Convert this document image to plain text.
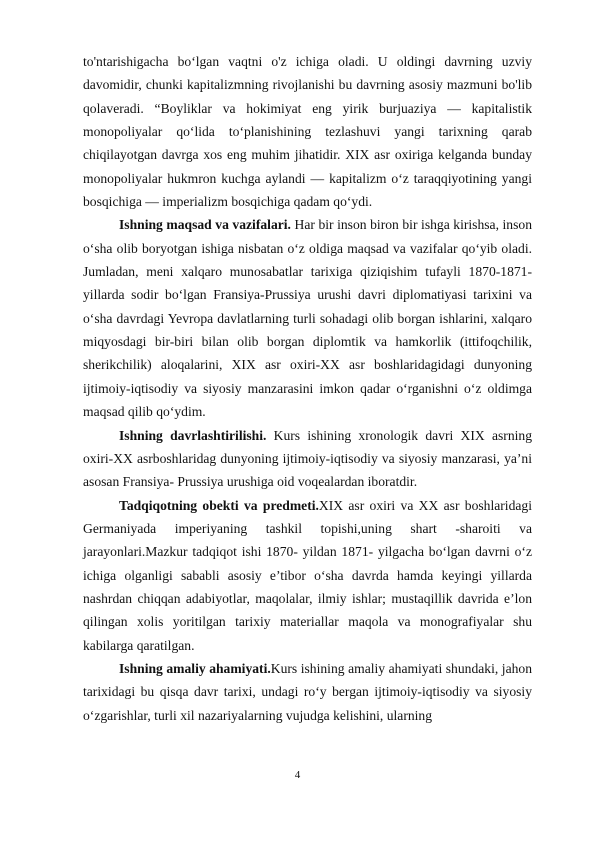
to'ntarishigacha bo‘lgan vaqtni o'z ichiga oladi. U oldingi davrning uzviy davomidir, chunki kapitalizmning rivojlanishi bu davrning asosiy mazmuni bo'lib qolaveradi. “Boyliklar va hokimiyat eng yirik burjuaziya — kapitalistik monopoliyalar qo‘lida to‘planishining tezlashuvi yangi tarixning qarab chiqilayotgan davrga xos eng muhim jihatidir. XIX asr oxiriga kelganda bunday monopoliyalar hukmron kuchga aylandi — kapitalizm o‘z taraqqiyotining yangi bosqichiga — imperializm bosqichiga qadam qo‘ydi.

Ishning maqsad va vazifalari. Har bir inson biron bir ishga kirishsa, inson o‘sha olib boryotgan ishiga nisbatan o‘z oldiga maqsad va vazifalar qo‘yib oladi. Jumladan, meni xalqaro munosabatlar tarixiga qiziqishim tufayli 1870-1871- yillarda sodir bo‘lgan Fransiya-Prussiya urushi davri diplomatiyasi tarixini va o‘sha davrdagi Yevropa davlatlarning turli sohadagi olib borgan ishlarini, xalqaro miqyosdagi bir-biri bilan olib borgan diplomtik va hamkorlik (ittifoqchilik, sherikchilik) aloqalarini, XIX asr oxiri-XX asr boshlaridagidagi dunyoning ijtimoiy-iqtisodiy va siyosiy manzarasini imkon qadar o‘rganishni o‘z oldimga maqsad qilib qo‘ydim.

Ishning davrlashtirilishi. Kurs ishining xronologik davri XIX asrning oxiri-XX asrboshlaridag dunyoning ijtimoiy-iqtisodiy va siyosiy manzarasi, ya’ni asosan Fransiya- Prussiya urushiga oid voqealardan iboratdir.

Tadqiqotning obekti va predmeti.XIX asr oxiri va XX asr boshlaridagi Germaniyada imperiyaning tashkil topishi,uning shart -sharoiti va jarayonlari.Mazkur tadqiqot ishi 1870- yildan 1871- yilgacha bo‘lgan davrni o‘z ichiga olganligi sababli asosiy e’tibor o‘sha davrda hamda keyingi yillarda nashrdan chiqqan adabiyotlar, maqolalar, ilmiy ishlar; mustaqillik davrida e’lon qilingan xolis yoritilgan tarixiy materiallar maqola va monografiyalar shu kabilarga qaratilgan.

Ishning amaliy ahamiyati.Kurs ishining amaliy ahamiyati shundaki, jahon tarixidagi bu qisqa davr tarixi, undagi ro‘y bergan ijtimoiy-iqtisodiy va siyosiy o‘zgarishlar, turli xil nazariyalarning vujudga kelishini, ularning

4
